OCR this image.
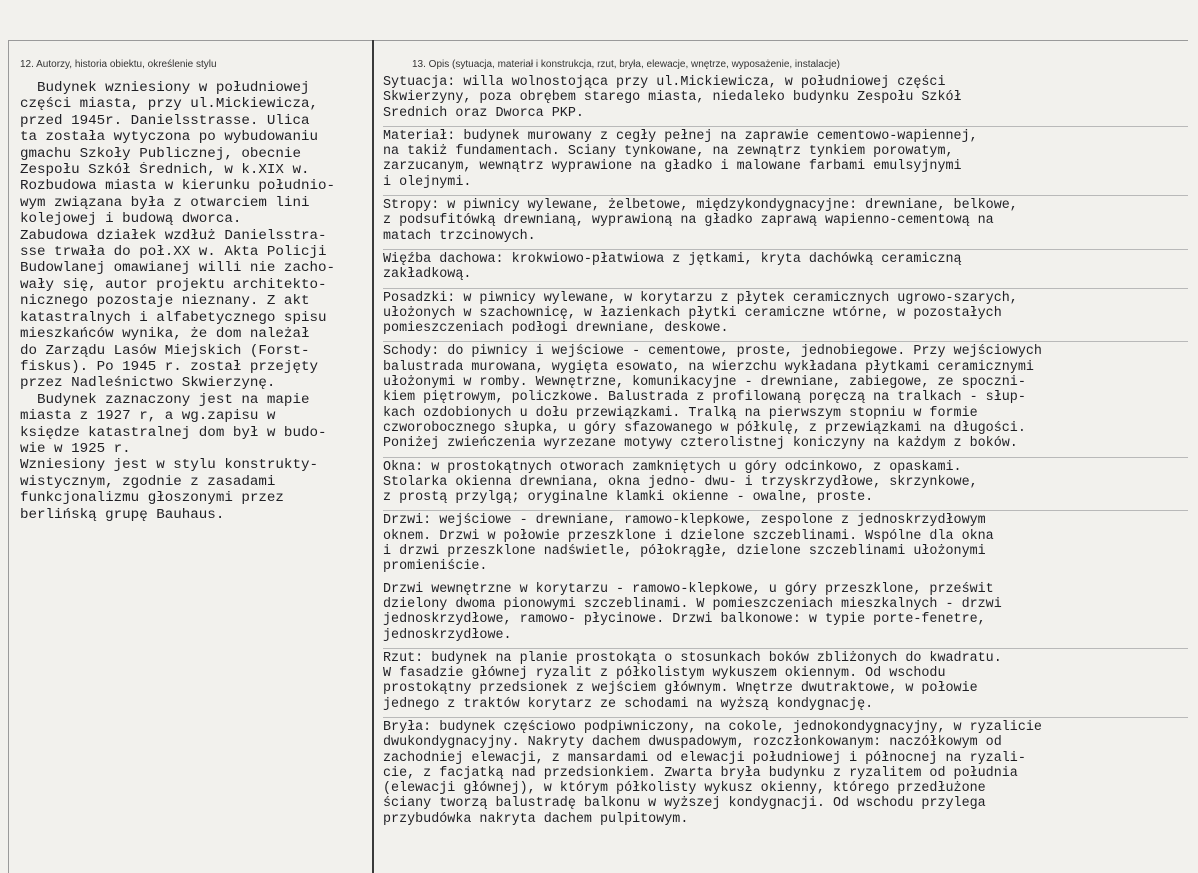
12. Autorzy, historia obiektu, określenie stylu	13. Opis (sytuacja, materiał i konstrukcja, rzut, bryła, elewacje, wnętrze, wyposażenie, instalacje)
Budynek wzniesiony w południowej
części miasta, przy ul.Mickiewicza,
przed 1945r. Danielsstrasse. Ulica
ta została wytyczona po wybudowaniu
gmachu Szkoły Publicznej, obecnie
Zespołu Szkół Średnich, w k.XIX w.
Rozbudowa miasta w kierunku południo-
wym związana była z otwarciem lini
kolejowej i budową dworca.
Zabudowa działek wzdłuż Danielsstra-
sse trwała do poł.XX w. Akta Policji
Budowlanej omawianej willi nie zacho-
wały się, autor projektu architekto-
nicznego pozostaje nieznany. Z akt
katastralnych i alfabetycznego spisu
mieszkańców wynika, że dom należał
do Zarządu Lasów Miejskich (Forst-
fiskus). Po 1945 r. został przejęty
przez Nadleśnictwo Skwierzynę.
Budynek zaznaczony jest na mapie
miasta z 1927 r, a wg.zapisu w
księdze katastralnej dom był w budo-
wie w 1925 r.
Wzniesiony jest w stylu konstrukty-
wistycznym, zgodnie z zasadami
funkcjonalizmu głoszonymi przez
berlińską grupę Bauhaus.
Sytuacja: willa wolnostojąca przy ul.Mickiewicza, w południowej części
Skwierzyny, poza obrębem starego miasta, niedaleko budynku Zespołu Szkół
Średnich oraz Dworca PKP.
Materiał: budynek murowany z cegły pełnej na zaprawie cementowo-wapiennej,
na takiż fundamentach. Ściany tynkowane, na zewnątrz tynkiem porowatym,
zarzucanym, wewnątrz wyprawione na gładko i malowane farbami emulsyjnymi
i olejnymi.
Stropy: w piwnicy wylewane, żelbetowe, międzykondygnacyjne: drewniane, belkowe,
z podsufitówką drewnianą, wyprawioną na gładko zaprawą wapienno-cementową na
matach trzcinowych.
Więźba dachowa: krokwiowo-płatwiowa z jętkami, kryta dachówką ceramiczną
zakładkową.
Posadzki: w piwnicy wylewane, w korytarzu z płytek ceramicznych ugrowo-szarych,
ułożonych w szachownicę, w łazienkach płytki ceramiczne wtórne, w pozostałych
pomieszczeniach podłogi drewniane, deskowe.
Schody: do piwnicy i wejściowe - cementowe, proste, jednobiegowe. Przy wejściowych
balustrada murowana, wygięta esowato, na wierzchu wykładana płytkami ceramicznymi
ułożonymi w romby. Wewnętrzne, komunikacyjne - drewniane, zabiegowe, ze spoczni-
kiem piętrowym, policzkowe. Balustrada z profilowaną poręczą na tralkach - słup-
kach ozdobionych u dołu przewiązkami. Tralką na pierwszym stopniu w formie
czworobocznego słupka, u góry sfazowanego w półkulę, z przewiązkami na długości.
Poniżej zwieńczenia wyrzezane motywy czterolistnej koniczyny na każdym z boków.
Okna: w prostokątnych otworach zamkniętych u góry odcinkowo, z opaskami.
Stolarka okienna drewniana, okna jedno- dwu- i trzyskrzydłowe, skrzynkowe,
z prostą przylgą; oryginalne klamki okienne - owalne, proste.
Drzwi: wejściowe - drewniane, ramowo-klepkowe, zespolone z jednoskrzydłowym
oknem. Drzwi w połowie przeszklone i dzielone szczeblinami. Wspólne dla okna
i drzwi przeszklone nadświetle, półokrągłe, dzielone szczeblinami ułożonymi
promieniście.
Drzwi wewnętrzne w korytarzu - ramowo-klepkowe, u góry przeszklone, prześwit
dzielony dwoma pionowymi szczeblinami. W pomieszczeniach mieszkalnych - drzwi
jednoskrzydłowe, ramowo- płycinowe. Drzwi balkonowe: w typie porte-fenetre,
jednoskrzydłowe.
Rzut: budynek na planie prostokąta o stosunkach boków zbliżonych do kwadratu.
W fasadzie głównej ryzalit z półkolistym wykuszem okiennym. Od wschodu
prostokątny przedsionek z wejściem głównym. Wnętrze dwutraktowe, w połowie
jednego z traktów korytarz ze schodami na wyższą kondygnację.
Bryła: budynek częściowo podpiwniczony, na cokole, jednokondygnacyjny, w ryzalicie
dwukondygnacyjny. Nakryty dachem dwuspadowym, rozczłonkowanym: naczółkowym od
zachodniej elewacji, z mansardami od elewacji południowej i północnej na ryzali-
cie, z facjatką nad przedsionkiem. Zwarta bryła budynku z ryzalitem od południa
(elewacji głównej), w którym półkolisty wykusz okienny, którego przedłużone
ściany tworzą balustradę balkonu w wyższej kondygnacji. Od wschodu przylega
przybudówka nakryta dachem pulpitowym.
